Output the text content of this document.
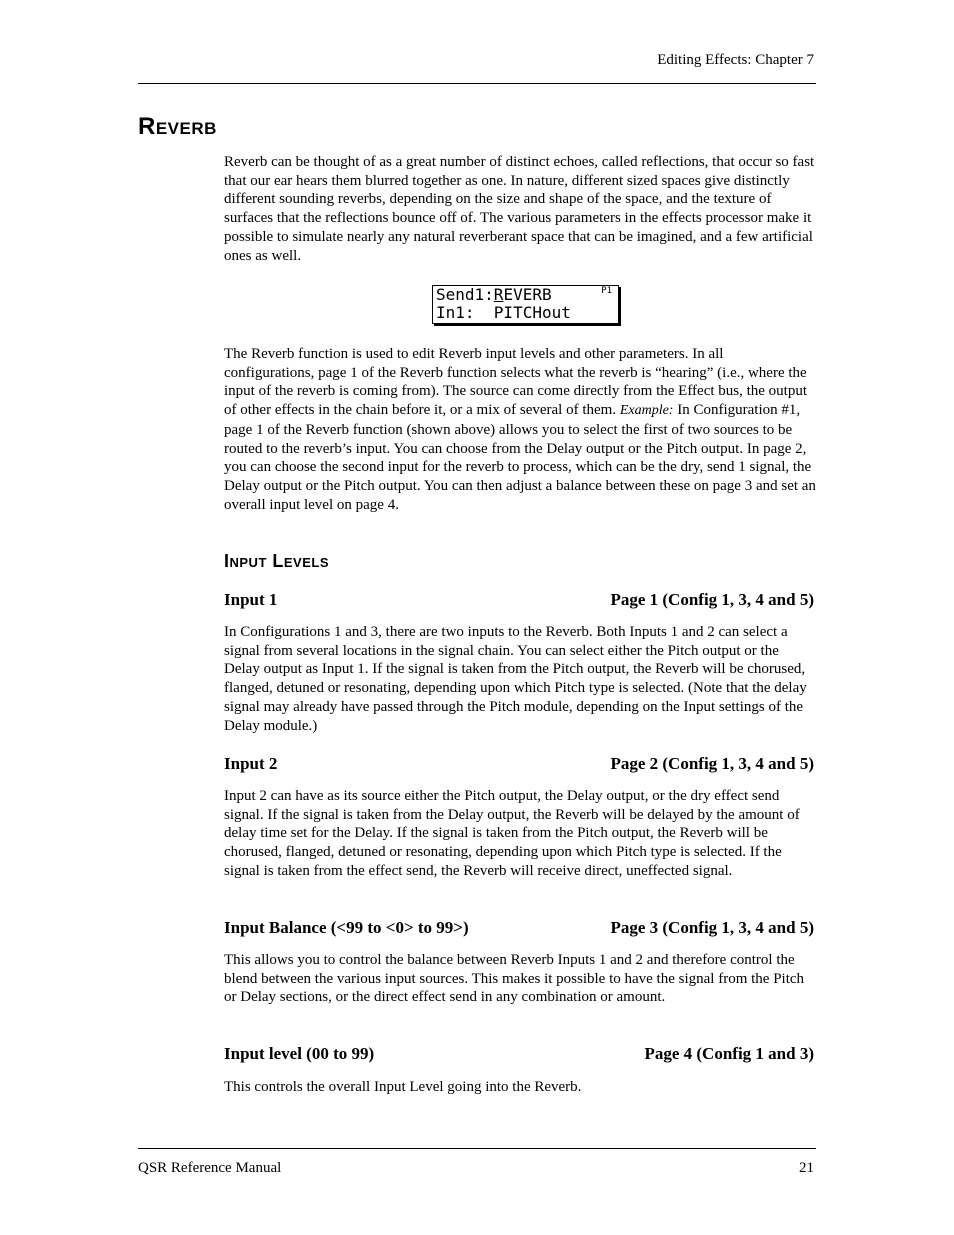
Editing Effects: Chapter 7
Reverb

Reverb can be thought of as a great number of distinct echoes, called reflections, that occur so fast that our ear hears them blurred together as one. In nature, different sized spaces give distinctly different sounding reverbs, depending on the size and shape of the space, and the texture of surfaces that the reflections bounce off of. The various parameters in the effects processor make it possible to simulate nearly any natural reverberant space that can be imagined, and a few artificial ones as well.

Send1:REVERB	P1
In1:  PITCHout

The Reverb function is used to edit Reverb input levels and other parameters. In all configurations, page 1 of the Reverb function selects what the reverb is “hearing” (i.e., where the input of the reverb is coming from). The source can come directly from the Effect bus, the output of other effects in the chain before it, or a mix of several of them. Example: In Configuration #1, page 1 of the Reverb function (shown above) allows you to select the first of two sources to be routed to the reverb’s input. You can choose from the Delay output or the Pitch output. In page 2, you can choose the second input for the reverb to process, which can be the dry, send 1 signal, the Delay output or the Pitch output. You can then adjust a balance between these on page 3 and set an overall input level on page 4.

Input Levels
Input 1	Page 1 (Config 1, 3, 4 and 5)

In Configurations 1 and 3, there are two inputs to the Reverb. Both Inputs 1 and 2 can select a signal from several locations in the signal chain. You can select either the Pitch output or the Delay output as Input 1. If the signal is taken from the Pitch output, the Reverb will be chorused, flanged, detuned or resonating, depending upon which Pitch type is selected. (Note that the delay signal may already have passed through the Pitch module, depending on the Input settings of the Delay module.)

Input 2	Page 2 (Config 1, 3, 4 and 5)

Input 2 can have as its source either the Pitch output, the Delay output, or the dry effect send signal. If the signal is taken from the Delay output, the Reverb will be delayed by the amount of delay time set for the Delay. If the signal is taken from the Pitch output, the Reverb will be chorused, flanged, detuned or resonating, depending upon which Pitch type is selected. If the signal is taken from the effect send, the Reverb will receive direct, uneffected signal.

Input Balance (<99 to <0> to 99>)	Page 3 (Config 1, 3, 4 and 5)

This allows you to control the balance between Reverb Inputs 1 and 2 and therefore control the blend between the various input sources. This makes it possible to have the signal from the Pitch or Delay sections, or the direct effect send in any combination or amount.

Input level (00 to 99)	Page 4 (Config 1 and 3)

This controls the overall Input Level going into the Reverb.

QSR Reference Manual	21
